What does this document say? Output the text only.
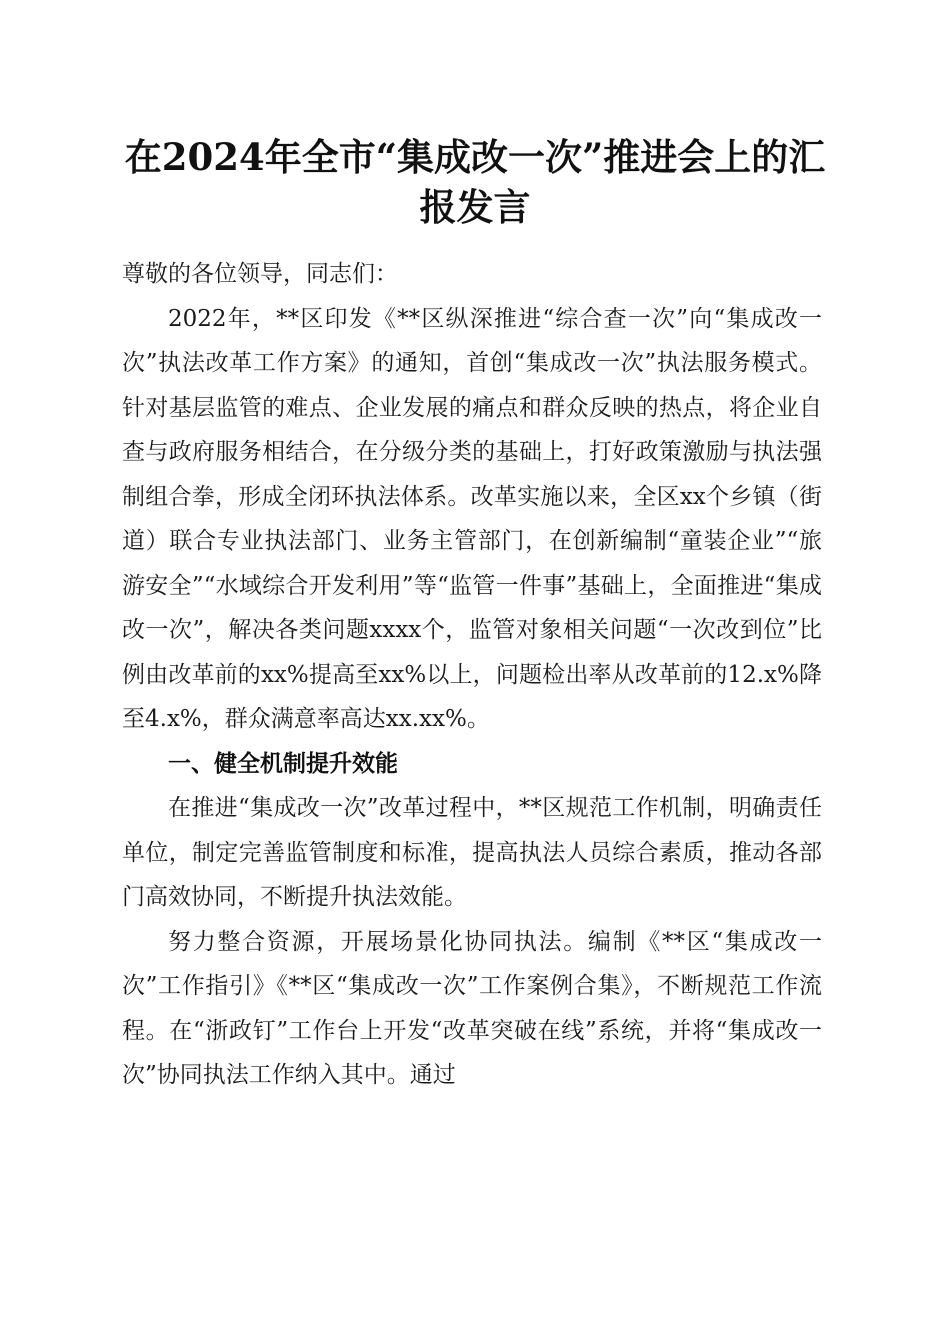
在2024年全市“集成改一次”推进会上的汇报发言

尊敬的各位领导，同志们：

2022年，**区印发《**区纵深推进“综合查一次”向“集成改一次”执法改革工作方案》的通知，首创“集成改一次”执法服务模式。针对基层监管的难点、企业发展的痛点和群众反映的热点，将企业自查与政府服务相结合，在分级分类的基础上，打好政策激励与执法强制组合拳，形成全闭环执法体系。改革实施以来，全区xx个乡镇（街道）联合专业执法部门、业务主管部门，在创新编制“童装企业”“旅游安全”“水域综合开发利用”等“监管一件事”基础上，全面推进“集成改一次”，解决各类问题xxxx个，监管对象相关问题“一次改到位”比例由改革前的xx%提高至xx%以上，问题检出率从改革前的12.x%降至4.x%，群众满意率高达xx.xx%。

一、健全机制提升效能

在推进“集成改一次”改革过程中，**区规范工作机制，明确责任单位，制定完善监管制度和标准，提高执法人员综合素质，推动各部门高效协同，不断提升执法效能。

努力整合资源，开展场景化协同执法。编制《**区“集成改一次”工作指引》《**区“集成改一次”工作案例合集》，不断规范工作流程。在“浙政钉”工作台上开发“改革突破在线”系统，并将“集成改一次”协同执法工作纳入其中。通过
